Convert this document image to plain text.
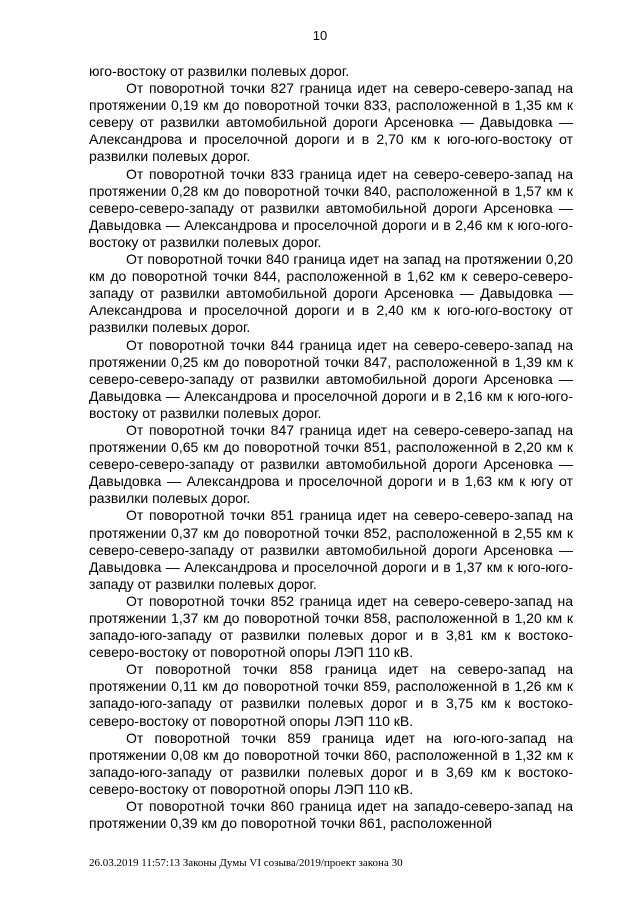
10

юго-востоку от развилки полевых дорог.

От поворотной точки 827 граница идет на северо-северо-запад на протяжении 0,19 км до поворотной точки 833, расположенной в 1,35 км к северу от развилки автомобильной дороги Арсеновка — Давыдовка — Александрова и проселочной дороги и в 2,70 км к юго-юго-востоку от развилки полевых дорог.

От поворотной точки 833 граница идет на северо-северо-запад на протяжении 0,28 км до поворотной точки 840, расположенной в 1,57 км к северо-северо-западу от развилки автомобильной дороги Арсеновка — Давыдовка — Александрова и проселочной дороги и в 2,46 км к юго-юго-востоку от развилки полевых дорог.

От поворотной точки 840 граница идет на запад на протяжении 0,20 км до поворотной точки 844, расположенной в 1,62 км к северо-северо-западу от развилки автомобильной дороги Арсеновка — Давыдовка — Александрова и проселочной дороги и в 2,40 км к юго-юго-востоку от развилки полевых дорог.

От поворотной точки 844 граница идет на северо-северо-запад на протяжении 0,25 км до поворотной точки 847, расположенной в 1,39 км к северо-северо-западу от развилки автомобильной дороги Арсеновка — Давыдовка — Александрова и проселочной дороги и в 2,16 км к юго-юго-востоку от развилки полевых дорог.

От поворотной точки 847 граница идет на северо-северо-запад на протяжении 0,65 км до поворотной точки 851, расположенной в 2,20 км к северо-северо-западу от развилки автомобильной дороги Арсеновка — Давыдовка — Александрова и проселочной дороги и в 1,63 км к югу от развилки полевых дорог.

От поворотной точки 851 граница идет на северо-северо-запад на протяжении 0,37 км до поворотной точки 852, расположенной в 2,55 км к северо-северо-западу от развилки автомобильной дороги Арсеновка — Давыдовка — Александрова и проселочной дороги и в 1,37 км к юго-юго-западу от развилки полевых дорог.

От поворотной точки 852 граница идет на северо-северо-запад на протяжении 1,37 км до поворотной точки 858, расположенной в 1,20 км к западо-юго-западу от развилки полевых дорог и в 3,81 км к востоко-северо-востоку от поворотной опоры ЛЭП 110 кВ.

От поворотной точки 858 граница идет на северо-запад на протяжении 0,11 км до поворотной точки 859, расположенной в 1,26 км к западо-юго-западу от развилки полевых дорог и в 3,75 км к востоко-северо-востоку от поворотной опоры ЛЭП 110 кВ.

От поворотной точки 859 граница идет на юго-юго-запад на протяжении 0,08 км до поворотной точки 860, расположенной в 1,32 км к западо-юго-западу от развилки полевых дорог и в 3,69 км к востоко-северо-востоку от поворотной опоры ЛЭП 110 кВ.

От поворотной точки 860 граница идет на западо-северо-запад на протяжении 0,39 км до поворотной точки 861, расположенной

26.03.2019 11:57:13 Законы Думы VI созыва/2019/проект закона 30
